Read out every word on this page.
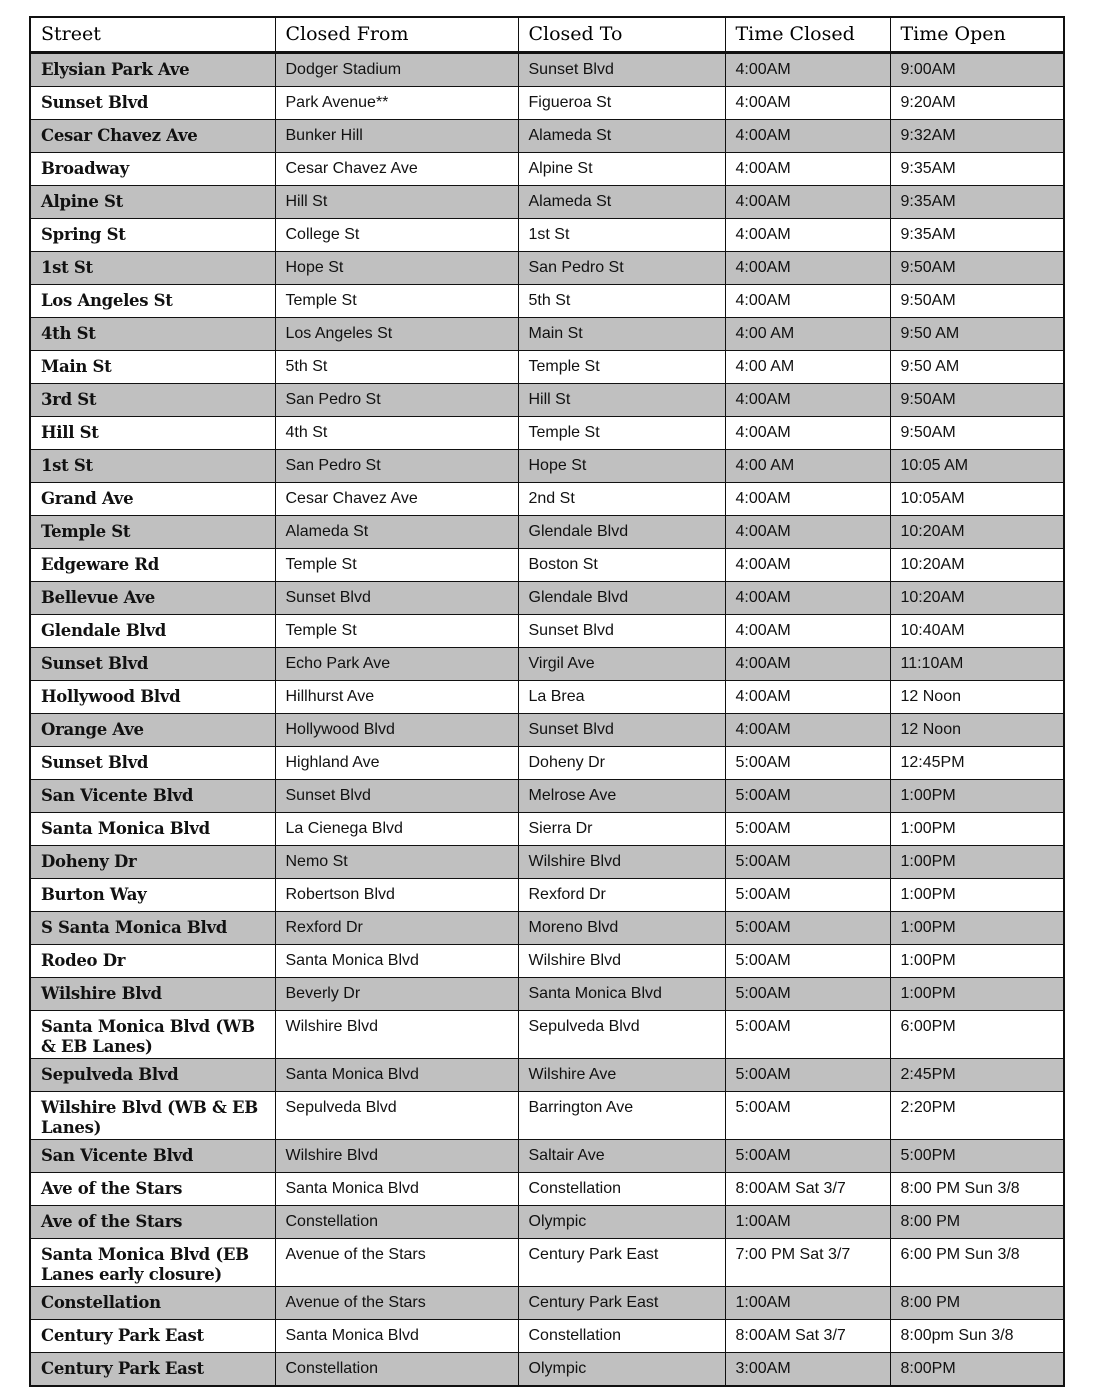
Street	Closed From	Closed To	Time Closed	Time Open
Elysian Park Ave	Dodger Stadium	Sunset Blvd	4:00AM	9:00AM
Sunset Blvd	Park Avenue**	Figueroa St	4:00AM	9:20AM
Cesar Chavez Ave	Bunker Hill	Alameda St	4:00AM	9:32AM
Broadway	Cesar Chavez Ave	Alpine St	4:00AM	9:35AM
Alpine St	Hill St	Alameda St	4:00AM	9:35AM
Spring St	College St	1st St	4:00AM	9:35AM
1st St	Hope St	San Pedro St	4:00AM	9:50AM
Los Angeles St	Temple St	5th St	4:00AM	9:50AM
4th St	Los Angeles St	Main St	4:00 AM	9:50 AM
Main St	5th St	Temple St	4:00 AM	9:50 AM
3rd St	San Pedro St	Hill St	4:00AM	9:50AM
Hill St	4th St	Temple St	4:00AM	9:50AM
1st St	San Pedro St	Hope St	4:00 AM	10:05 AM
Grand Ave	Cesar Chavez Ave	2nd St	4:00AM	10:05AM
Temple St	Alameda St	Glendale Blvd	4:00AM	10:20AM
Edgeware Rd	Temple St	Boston St	4:00AM	10:20AM
Bellevue Ave	Sunset Blvd	Glendale Blvd	4:00AM	10:20AM
Glendale Blvd	Temple St	Sunset Blvd	4:00AM	10:40AM
Sunset Blvd	Echo Park Ave	Virgil Ave	4:00AM	11:10AM
Hollywood Blvd	Hillhurst Ave	La Brea	4:00AM	12 Noon
Orange Ave	Hollywood Blvd	Sunset Blvd	4:00AM	12 Noon
Sunset Blvd	Highland Ave	Doheny Dr	5:00AM	12:45PM
San Vicente Blvd	Sunset Blvd	Melrose Ave	5:00AM	1:00PM
Santa Monica Blvd	La Cienega Blvd	Sierra Dr	5:00AM	1:00PM
Doheny Dr	Nemo St	Wilshire Blvd	5:00AM	1:00PM
Burton Way	Robertson Blvd	Rexford Dr	5:00AM	1:00PM
S Santa Monica Blvd	Rexford Dr	Moreno Blvd	5:00AM	1:00PM
Rodeo Dr	Santa Monica Blvd	Wilshire Blvd	5:00AM	1:00PM
Wilshire Blvd	Beverly Dr	Santa Monica Blvd	5:00AM	1:00PM
Santa Monica Blvd (WB & EB Lanes)	Wilshire Blvd	Sepulveda Blvd	5:00AM	6:00PM
Sepulveda Blvd	Santa Monica Blvd	Wilshire Ave	5:00AM	2:45PM
Wilshire Blvd (WB & EB Lanes)	Sepulveda Blvd	Barrington Ave	5:00AM	2:20PM
San Vicente Blvd	Wilshire Blvd	Saltair Ave	5:00AM	5:00PM
Ave of the Stars	Santa Monica Blvd	Constellation	8:00AM Sat 3/7	8:00 PM Sun 3/8
Ave of the Stars	Constellation	Olympic	1:00AM	8:00 PM
Santa Monica Blvd (EB Lanes early closure)	Avenue of the Stars	Century Park East	7:00 PM Sat 3/7	6:00 PM Sun 3/8
Constellation	Avenue of the Stars	Century Park East	1:00AM	8:00 PM
Century Park East	Santa Monica Blvd	Constellation	8:00AM Sat 3/7	8:00pm Sun 3/8
Century Park East	Constellation	Olympic	3:00AM	8:00PM
